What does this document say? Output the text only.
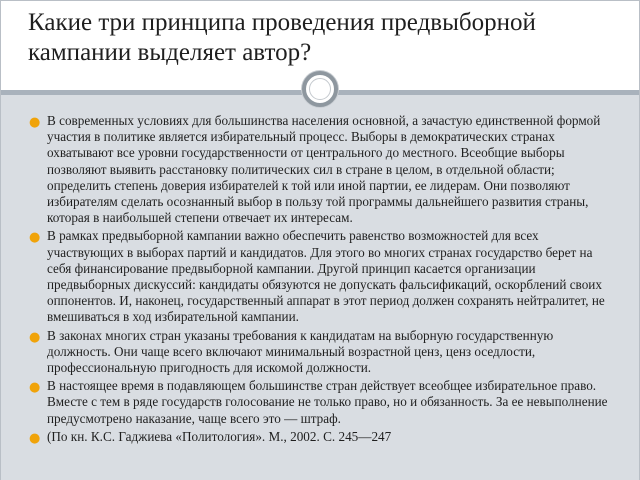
Какие три принципа проведения предвыборной
кампании выделяет автор?
● В современных условиях для большинства населения основной, а зачастую единственной формой участия в политике является избирательный процесс. Выборы в демократических странах охватывают все уровни государственности от центрального до местного. Всеобщие выборы позволяют выявить расстановку политических сил в стране в целом, в отдельной области; определить степень доверия избирателей к той или иной партии, ее лидерам. Они позволяют избирателям сделать осознанный выбор в пользу той программы дальнейшего развития страны, которая в наибольшей степени отвечает их интересам.
● В рамках предвыборной кампании важно обеспечить равенство возможностей для всех участвующих в выборах партий и кандидатов. Для этого во многих странах государство берет на себя финансирование предвыборной кампании. Другой принцип касается организации предвыборных дискуссий: кандидаты обязуются не допускать фальсификаций, оскорблений своих оппонентов. И, наконец, государственный аппарат в этот период должен сохранять нейтралитет, не вмешиваться в ход избирательной кампании.
● В законах многих стран указаны требования к кандидатам на выборную государственную должность. Они чаще всего включают минимальный возрастной ценз, ценз оседлости, профессиональную пригодность для искомой должности.
● В настоящее время в подавляющем большинстве стран действует всеобщее избирательное право. Вместе с тем в ряде государств голосование не только право, но и обязанность. За ее невыполнение предусмотрено наказание, чаще всего это — штраф.
● (По кн. К.С. Гаджиева «Политология». М., 2002. С. 245—247
